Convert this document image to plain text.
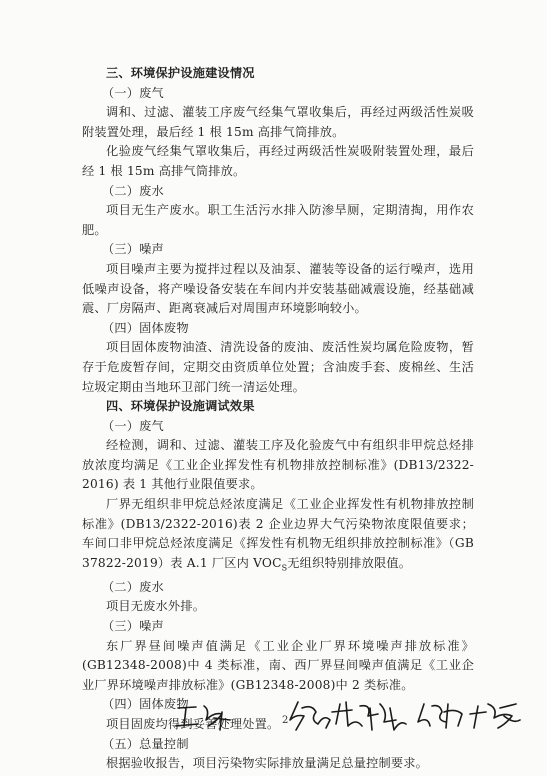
三、环境保护设施建设情况
（一）废气
调和、过滤、灌装工序废气经集气罩收集后，再经过两级活性炭吸附装置处理，最后经 1 根 15m 高排气筒排放。
化验废气经集气罩收集后，再经过两级活性炭吸附装置处理，最后经 1 根 15m 高排气筒排放。
（二）废水
项目无生产废水。职工生活污水排入防渗旱厕，定期清掏，用作农肥。
（三）噪声
项目噪声主要为搅拌过程以及油泵、灌装等设备的运行噪声，选用低噪声设备，将产噪设备安装在车间内并安装基础减震设施，经基础减震、厂房隔声、距离衰减后对周围声环境影响较小。
（四）固体废物
项目固体废物油渣、清洗设备的废油、废活性炭均属危险废物，暂存于危废暂存间，定期交由资质单位处置；含油废手套、废棉丝、生活垃圾定期由当地环卫部门统一清运处理。
四、环境保护设施调试效果
（一）废气
经检测，调和、过滤、灌装工序及化验废气中有组织非甲烷总烃排放浓度均满足《工业企业挥发性有机物排放控制标准》(DB13/2322-2016) 表 1 其他行业限值要求。
厂界无组织非甲烷总烃浓度满足《工业企业挥发性有机物排放控制标准》(DB13/2322-2016)表 2 企业边界大气污染物浓度限值要求；车间口非甲烷总烃浓度满足《挥发性有机物无组织排放控制标准》（GB 37822-2019）表 A.1 厂区内 $VOC_S$无组织特别排放限值。
（二）废水
项目无废水外排。
（三）噪声
东厂界昼间噪声值满足《工业企业厂界环境噪声排放标准》(GB12348-2008)中 4 类标准，南、西厂界昼间噪声值满足《工业企业厂界环境噪声排放标准》(GB12348-2008)中 2 类标准。
（四）固体废物
项目固废均得到妥善处理处置。
（五）总量控制
根据验收报告，项目污染物实际排放量满足总量控制要求。
2
